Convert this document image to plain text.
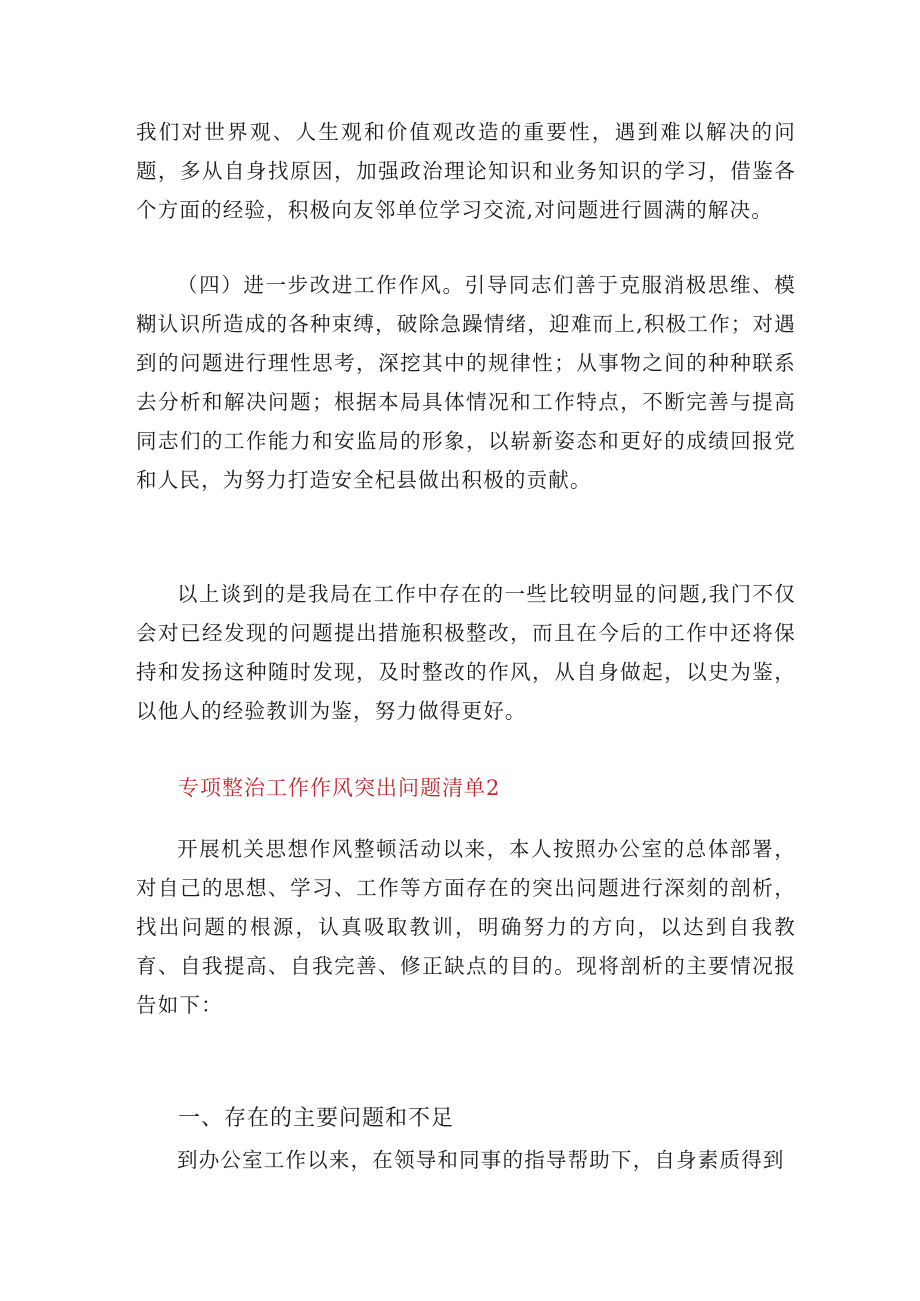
我们对世界观、人生观和价值观改造的重要性，遇到难以解决的问题，多从自身找原因，加强政治理论知识和业务知识的学习，借鉴各个方面的经验，积极向友邻单位学习交流,对问题进行圆满的解决。

（四）进一步改进工作作风。引导同志们善于克服消极思维、模糊认识所造成的各种束缚，破除急躁情绪，迎难而上,积极工作；对遇到的问题进行理性思考，深挖其中的规律性；从事物之间的种种联系去分析和解决问题；根据本局具体情况和工作特点，不断完善与提高同志们的工作能力和安监局的形象，以崭新姿态和更好的成绩回报党和人民，为努力打造安全杞县做出积极的贡献。

以上谈到的是我局在工作中存在的一些比较明显的问题,我门不仅会对已经发现的问题提出措施积极整改，而且在今后的工作中还将保持和发扬这种随时发现，及时整改的作风，从自身做起，以史为鉴，以他人的经验教训为鉴，努力做得更好。

专项整治工作作风突出问题清单2

开展机关思想作风整顿活动以来，本人按照办公室的总体部署，对自己的思想、学习、工作等方面存在的突出问题进行深刻的剖析，找出问题的根源，认真吸取教训，明确努力的方向，以达到自我教育、自我提高、自我完善、修正缺点的目的。现将剖析的主要情况报告如下：

一、存在的主要问题和不足

到办公室工作以来，在领导和同事的指导帮助下，自身素质得到
